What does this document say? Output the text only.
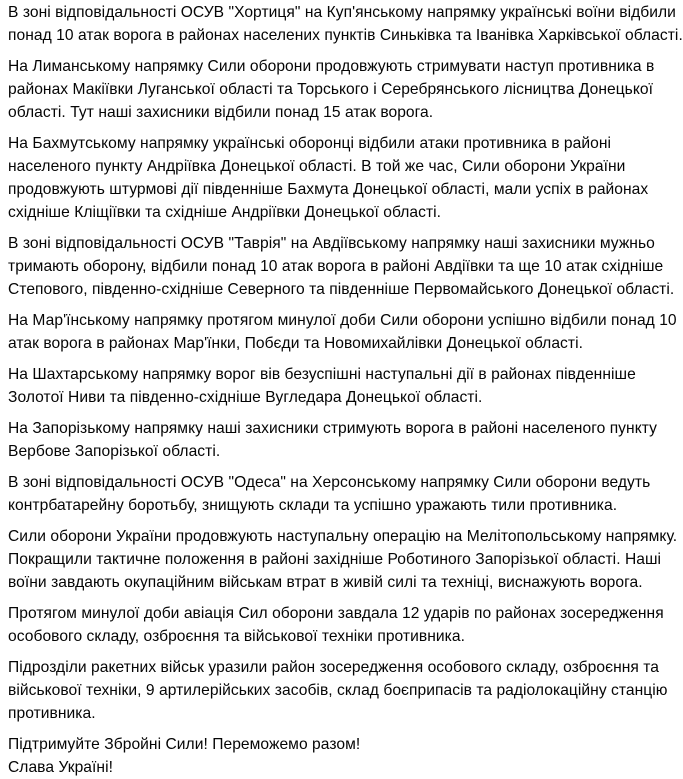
В зоні відповідальності ОСУВ "Хортиця" на Куп'янському напрямку українські воїни відбили
понад 10 атак ворога в районах населених пунктів Синьківка та Іванівка Харківської області.
На Лиманському напрямку Сили оборони продовжують стримувати наступ противника в
районах Макіївки Луганської області та Торського і Серебрянського лісництва Донецької
області. Тут наші захисники відбили понад 15 атак ворога.
На Бахмутському напрямку українські оборонці відбили атаки противника в районі
населеного пункту Андріївка Донецької області. В той же час, Сили оборони України
продовжують штурмові дії південніше Бахмута Донецької області, мали успіх в районах
східніше Кліщіївки та східніше Андріївки Донецької області.
В зоні відповідальності ОСУВ "Таврія" на Авдіївському напрямку наші захисники мужньо
тримають оборону, відбили понад 10 атак ворога в районі Авдіївки та ще 10 атак східніше
Степового, південно-східніше Северного та південніше Первомайського Донецької області.
На Мар'їнському напрямку протягом минулої доби Сили оборони успішно відбили понад 10
атак ворога в районах Мар'їнки, Побєди та Новомихайлівки Донецької області.
На Шахтарському напрямку ворог вів безуспішні наступальні дії в районах південніше
Золотої Ниви та південно-східніше Вугледара Донецької області.
На Запорізькому напрямку наші захисники стримують ворога в районі населеного пункту
Вербове Запорізької області.
В зоні відповідальності ОСУВ "Одеса" на Херсонському напрямку Сили оборони ведуть
контрбатарейну боротьбу, знищують склади та успішно уражають тили противника.
Сили оборони України продовжують наступальну операцію на Мелітопольському напрямку.
Покращили тактичне положення в районі західніше Роботиного Запорізької області. Наші
воїни завдають окупаційним військам втрат в живій силі та техніці, виснажують ворога.
Протягом минулої доби авіація Сил оборони завдала 12 ударів по районах зосередження
особового складу, озброєння та військової техніки противника.
Підрозділи ракетних військ уразили район зосередження особового складу, озброєння та
військової техніки, 9 артилерійських засобів, склад боєприпасів та радіолокаційну станцію
противника.
Підтримуйте Збройні Сили! Переможемо разом!
Слава Україні!
